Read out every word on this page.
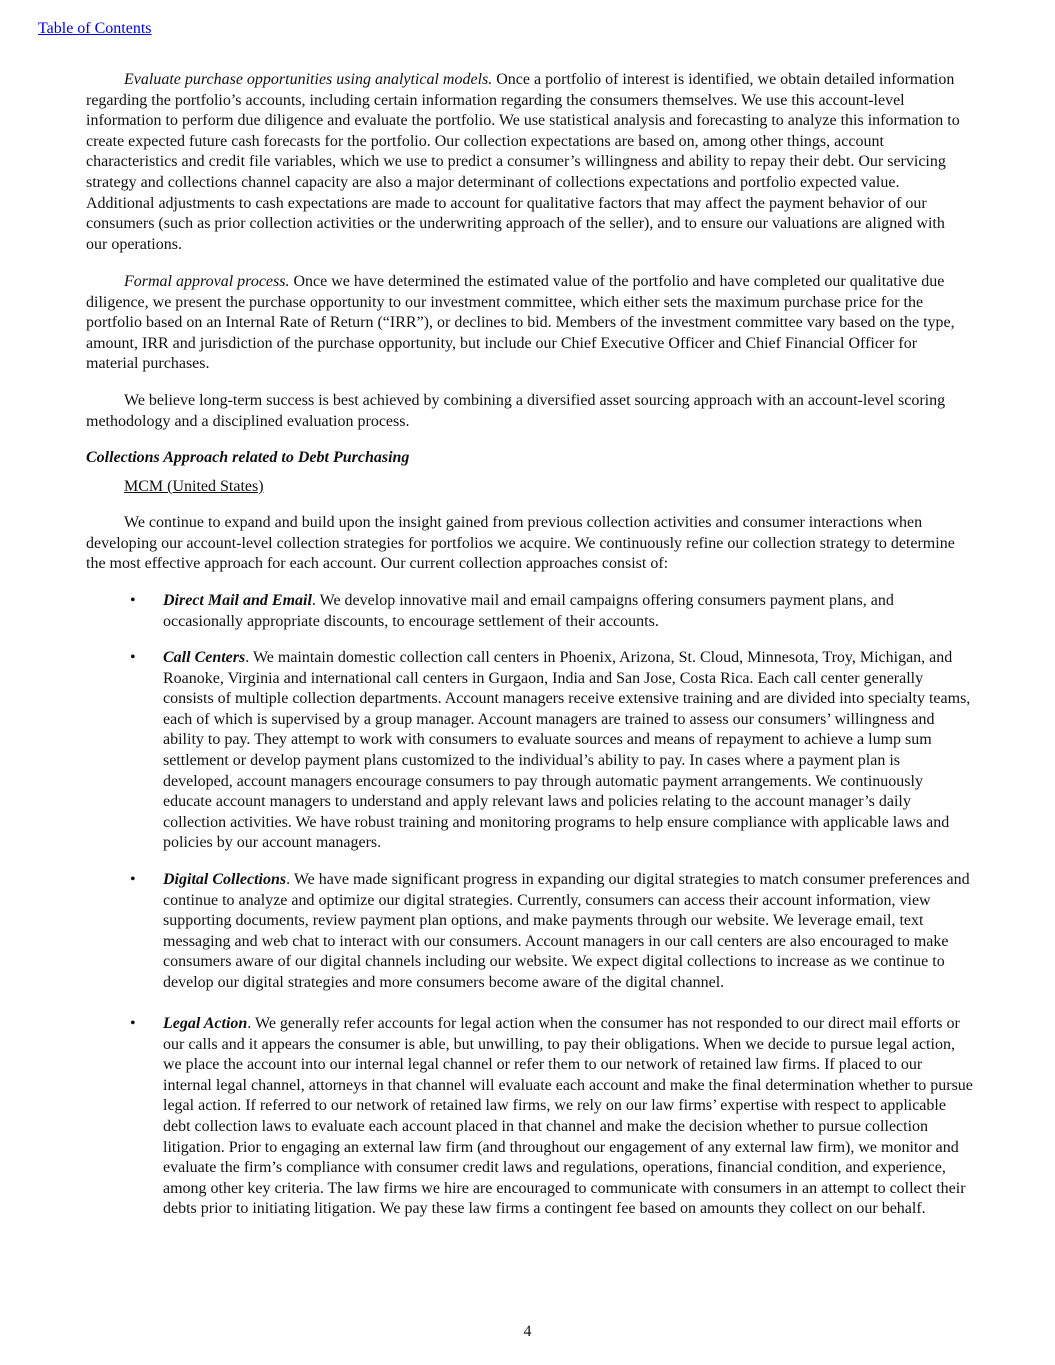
Table of Contents

Evaluate purchase opportunities using analytical models. Once a portfolio of interest is identified, we obtain detailed information regarding the portfolio’s accounts, including certain information regarding the consumers themselves. We use this account-level information to perform due diligence and evaluate the portfolio. We use statistical analysis and forecasting to analyze this information to create expected future cash forecasts for the portfolio. Our collection expectations are based on, among other things, account characteristics and credit file variables, which we use to predict a consumer’s willingness and ability to repay their debt. Our servicing strategy and collections channel capacity are also a major determinant of collections expectations and portfolio expected value. Additional adjustments to cash expectations are made to account for qualitative factors that may affect the payment behavior of our consumers (such as prior collection activities or the underwriting approach of the seller), and to ensure our valuations are aligned with our operations.

Formal approval process. Once we have determined the estimated value of the portfolio and have completed our qualitative due diligence, we present the purchase opportunity to our investment committee, which either sets the maximum purchase price for the portfolio based on an Internal Rate of Return (“IRR”), or declines to bid. Members of the investment committee vary based on the type, amount, IRR and jurisdiction of the purchase opportunity, but include our Chief Executive Officer and Chief Financial Officer for material purchases.

We believe long-term success is best achieved by combining a diversified asset sourcing approach with an account-level scoring methodology and a disciplined evaluation process.

Collections Approach related to Debt Purchasing

MCM (United States)

We continue to expand and build upon the insight gained from previous collection activities and consumer interactions when developing our account-level collection strategies for portfolios we acquire. We continuously refine our collection strategy to determine the most effective approach for each account. Our current collection approaches consist of:

• Direct Mail and Email. We develop innovative mail and email campaigns offering consumers payment plans, and occasionally appropriate discounts, to encourage settlement of their accounts.

• Call Centers. We maintain domestic collection call centers in Phoenix, Arizona, St. Cloud, Minnesota, Troy, Michigan, and Roanoke, Virginia and international call centers in Gurgaon, India and San Jose, Costa Rica. Each call center generally consists of multiple collection departments. Account managers receive extensive training and are divided into specialty teams, each of which is supervised by a group manager. Account managers are trained to assess our consumers’ willingness and ability to pay. They attempt to work with consumers to evaluate sources and means of repayment to achieve a lump sum settlement or develop payment plans customized to the individual’s ability to pay. In cases where a payment plan is developed, account managers encourage consumers to pay through automatic payment arrangements. We continuously educate account managers to understand and apply relevant laws and policies relating to the account manager’s daily collection activities. We have robust training and monitoring programs to help ensure compliance with applicable laws and policies by our account managers.

• Digital Collections. We have made significant progress in expanding our digital strategies to match consumer preferences and continue to analyze and optimize our digital strategies. Currently, consumers can access their account information, view supporting documents, review payment plan options, and make payments through our website. We leverage email, text messaging and web chat to interact with our consumers. Account managers in our call centers are also encouraged to make consumers aware of our digital channels including our website. We expect digital collections to increase as we continue to develop our digital strategies and more consumers become aware of the digital channel.

• Legal Action. We generally refer accounts for legal action when the consumer has not responded to our direct mail efforts or our calls and it appears the consumer is able, but unwilling, to pay their obligations. When we decide to pursue legal action, we place the account into our internal legal channel or refer them to our network of retained law firms. If placed to our internal legal channel, attorneys in that channel will evaluate each account and make the final determination whether to pursue legal action. If referred to our network of retained law firms, we rely on our law firms’ expertise with respect to applicable debt collection laws to evaluate each account placed in that channel and make the decision whether to pursue collection litigation. Prior to engaging an external law firm (and throughout our engagement of any external law firm), we monitor and evaluate the firm’s compliance with consumer credit laws and regulations, operations, financial condition, and experience, among other key criteria. The law firms we hire are encouraged to communicate with consumers in an attempt to collect their debts prior to initiating litigation. We pay these law firms a contingent fee based on amounts they collect on our behalf.

4
